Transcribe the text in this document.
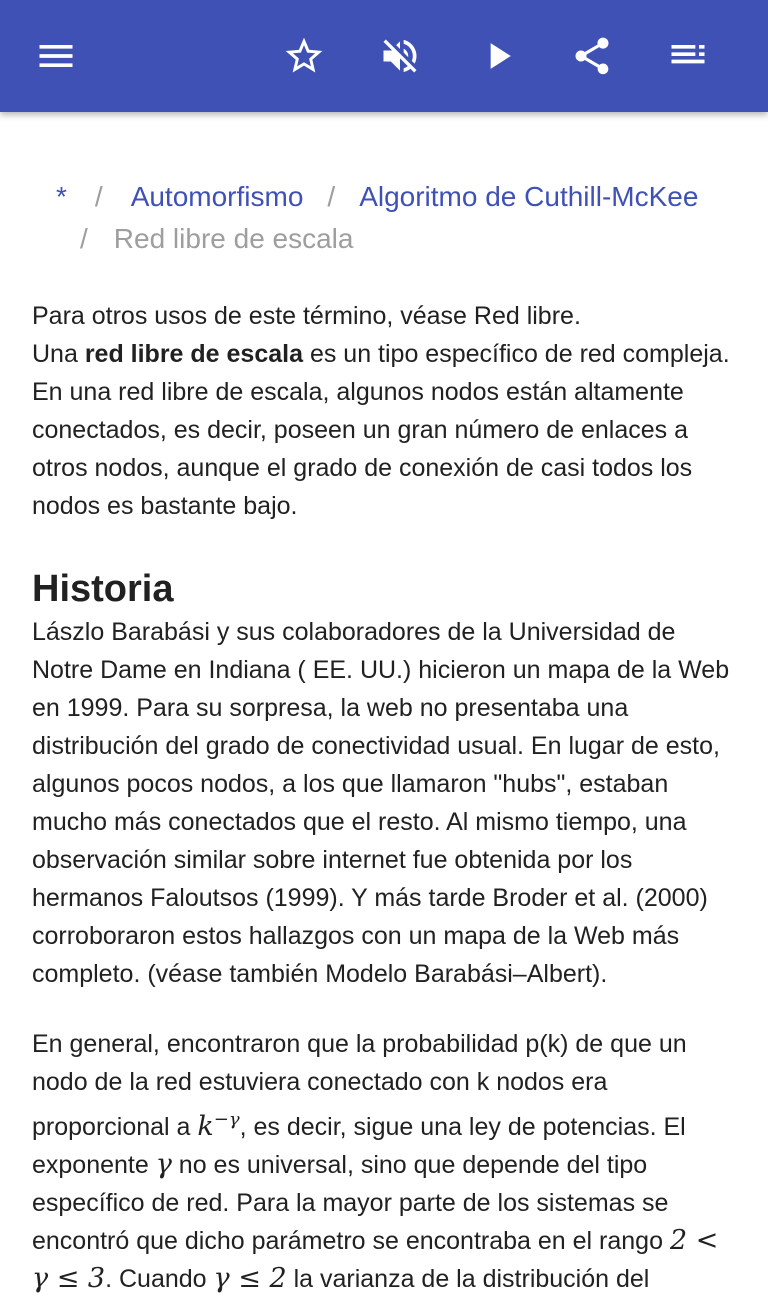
* / Automorfismo / Algoritmo de Cuthill-McKee
/ Red libre de escala

Para otros usos de este término, véase Red libre.

Una red libre de escala es un tipo específico de red compleja. En una red libre de escala, algunos nodos están altamente conectados, es decir, poseen un gran número de enlaces a otros nodos, aunque el grado de conexión de casi todos los nodos es bastante bajo.

Historia

Lászlo Barabási y sus colaboradores de la Universidad de Notre Dame en Indiana ( EE. UU.) hicieron un mapa de la Web en 1999. Para su sorpresa, la web no presentaba una distribución del grado de conectividad usual. En lugar de esto, algunos pocos nodos, a los que llamaron "hubs", estaban mucho más conectados que el resto. Al mismo tiempo, una observación similar sobre internet fue obtenida por los hermanos Faloutsos (1999). Y más tarde Broder et al. (2000) corroboraron estos hallazgos con un mapa de la Web más completo. (véase también Modelo Barabási–Albert).

En general, encontraron que la probabilidad p(k) de que un nodo de la red estuviera conectado con k nodos era proporcional a $k^{-\gamma}$, es decir, sigue una ley de potencias. El exponente γ no es universal, sino que depende del tipo específico de red. Para la mayor parte de los sistemas se encontró que dicho parámetro se encontraba en el rango 2 < γ ≤ 3. Cuando γ ≤ 2 la varianza de la distribución del
